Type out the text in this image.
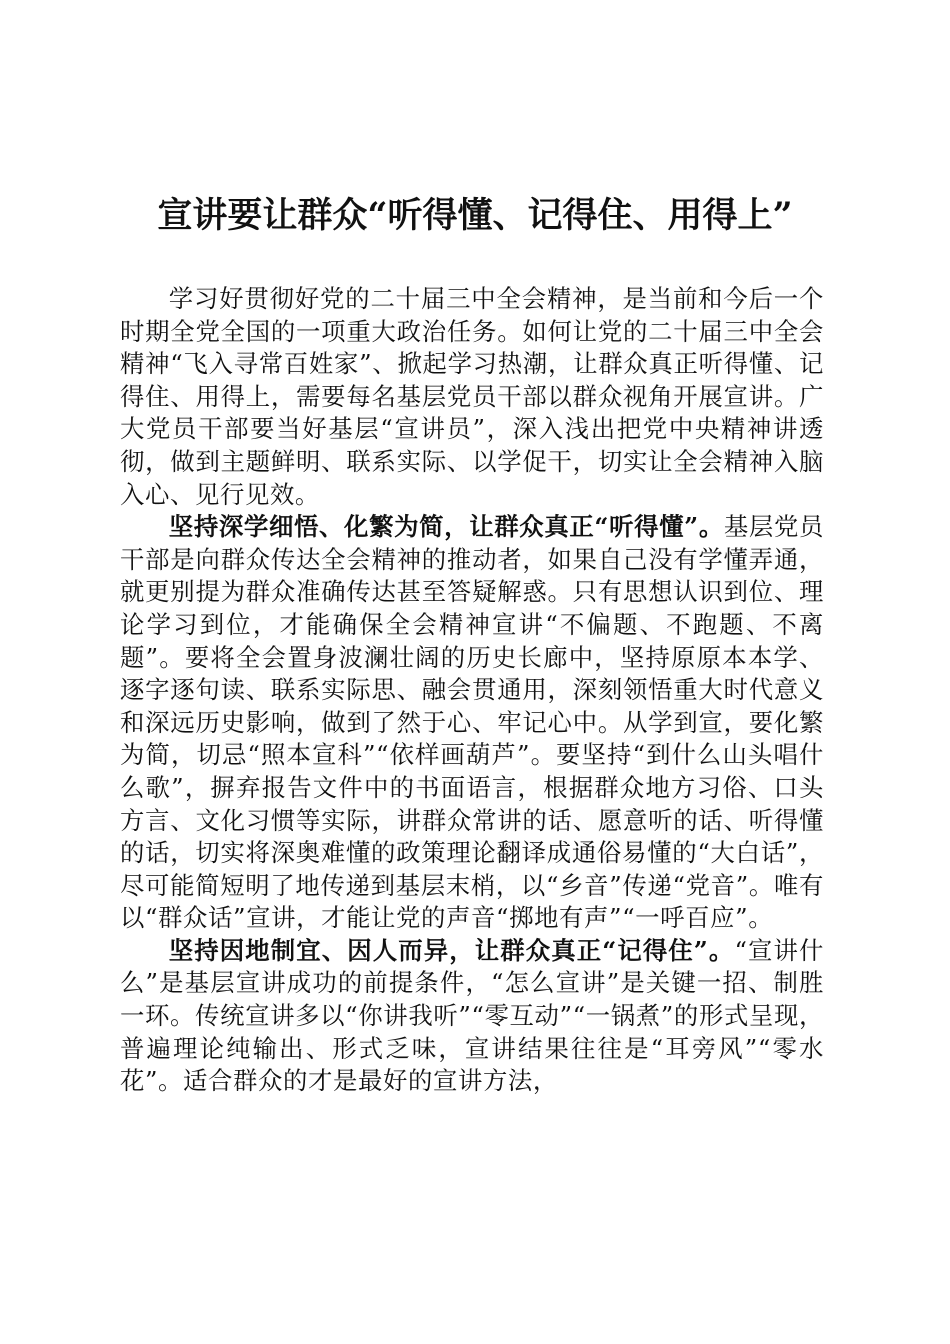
宣讲要让群众“听得懂、记得住、用得上”

学习好贯彻好党的二十届三中全会精神，是当前和今后一个时期全党全国的一项重大政治任务。如何让党的二十届三中全会精神“飞入寻常百姓家”、掀起学习热潮，让群众真正听得懂、记得住、用得上，需要每名基层党员干部以群众视角开展宣讲。广大党员干部要当好基层“宣讲员”，深入浅出把党中央精神讲透彻，做到主题鲜明、联系实际、以学促干，切实让全会精神入脑入心、见行见效。

坚持深学细悟、化繁为简，让群众真正“听得懂”。基层党员干部是向群众传达全会精神的推动者，如果自己没有学懂弄通，就更别提为群众准确传达甚至答疑解惑。只有思想认识到位、理论学习到位，才能确保全会精神宣讲“不偏题、不跑题、不离题”。要将全会置身波澜壮阔的历史长廊中，坚持原原本本学、逐字逐句读、联系实际思、融会贯通用，深刻领悟重大时代意义和深远历史影响，做到了然于心、牢记心中。从学到宣，要化繁为简，切忌“照本宣科”“依样画葫芦”。要坚持“到什么山头唱什么歌”，摒弃报告文件中的书面语言，根据群众地方习俗、口头方言、文化习惯等实际，讲群众常讲的话、愿意听的话、听得懂的话，切实将深奥难懂的政策理论翻译成通俗易懂的“大白话”，尽可能简短明了地传递到基层末梢，以“乡音”传递“党音”。唯有以“群众话”宣讲，才能让党的声音“掷地有声”“一呼百应”。

坚持因地制宜、因人而异，让群众真正“记得住”。“宣讲什么”是基层宣讲成功的前提条件，“怎么宣讲”是关键一招、制胜一环。传统宣讲多以“你讲我听”“零互动”“一锅煮”的形式呈现，普遍理论纯输出、形式乏味，宣讲结果往往是“耳旁风”“零水花”。适合群众的才是最好的宣讲方法，
